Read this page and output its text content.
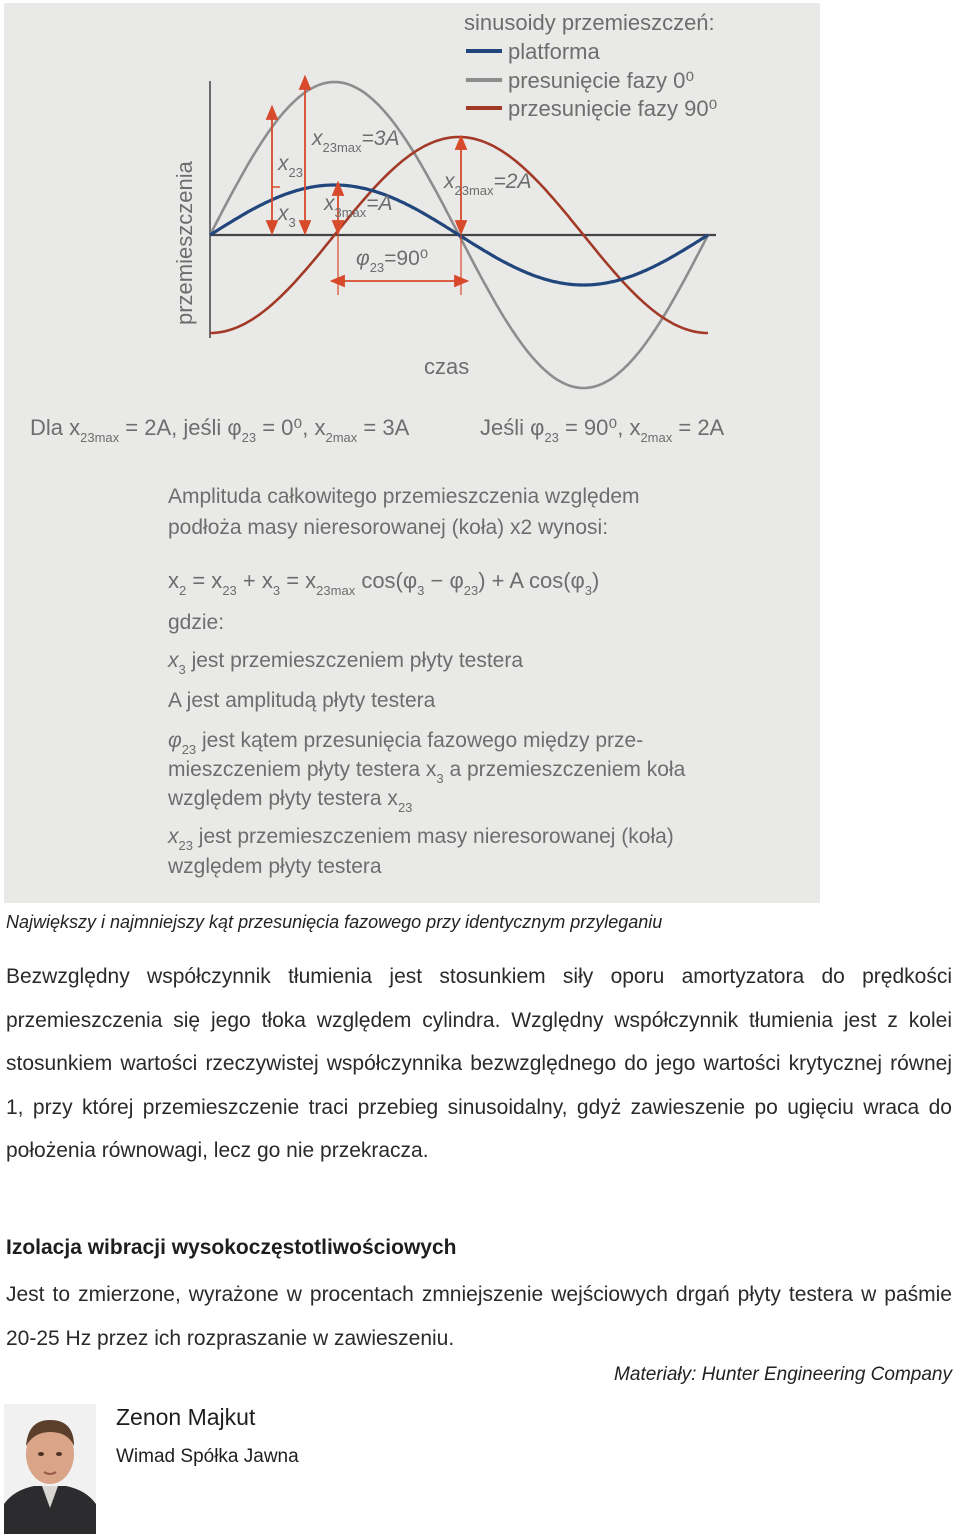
sinusoidy przemieszczeń:
platforma
presunięcie fazy 0⁰
przesunięcie fazy 90⁰
przemieszczenia
czas
$x_{23}$
$x_3$
$x_{23max}=3A$
$x_{3max}=A$
$x_{23max}=2A$
$\varphi_{23}=90^0$
Dla $x_{23max} = 2A$, jeśli $\varphi_{23} = 0^0$, $x_{2max} = 3A$	Jeśli $\varphi_{23} = 90^0$, $x_{2max} = 2A$
Amplituda całkowitego przemieszczenia względem
podłoża masy nieresorowanej (koła) x2 wynosi:
$x_2 = x_{23} + x_3 = x_{23max}$ $\cos(\varphi_3 - \varphi_{23}) + A$ $\cos(\varphi_3)$
gdzie:
$x_3$ jest przemieszczeniem płyty testera
A jest amplitudą płyty testera
$\varphi_{23}$ jest kątem przesunięcia fazowego między prze-
mieszczeniem płyty testera $x_3$ a przemieszczeniem koła
względem płyty testera $x_{23}$
$x_{23}$ jest przemieszczeniem masy nieresorowanej (koła)
względem płyty testera
Największy i najmniejszy kąt przesunięcia fazowego przy identycznym przyleganiu
Bezwzględny współczynnik tłumienia jest stosunkiem siły oporu amortyzatora do prędkości przemieszczenia się jego tłoka względem cylindra. Względny współczynnik tłumienia jest z kolei stosunkiem wartości rzeczywistej współczynnika bezwzględnego do jego wartości krytycznej równej 1, przy której przemieszczenie traci przebieg sinusoidalny, gdyż zawieszenie po ugięciu wraca do położenia równowagi, lecz go nie przekracza.
Izolacja wibracji wysokoczęstotliwościowych
Jest to zmierzone, wyrażone w procentach zmniejszenie wejściowych drgań płyty testera w paśmie 20-25 Hz przez ich rozpraszanie w zawieszeniu.
Materiały: Hunter Engineering Company
Zenon Majkut
Wimad Spółka Jawna
